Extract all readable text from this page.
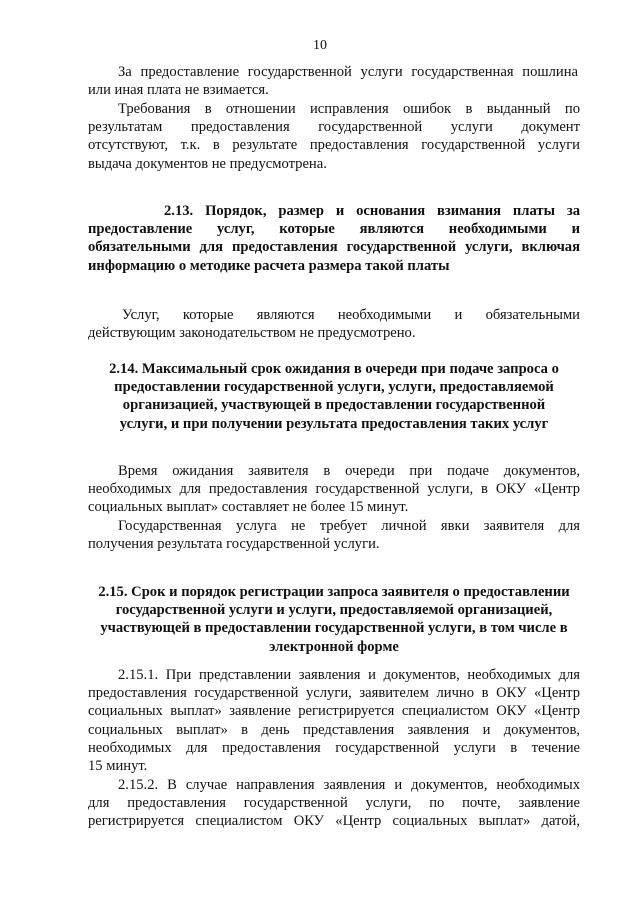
10
За предоставление государственной услуги государственная пошлина
или иная плата не взимается.
Требования в отношении исправления ошибок в выданный по
результатам предоставления государственной услуги документ
отсутствуют, т.к. в результате предоставления государственной услуги
выдача документов не предусмотрена.
2.13. Порядок, размер и основания взимания платы за
предоставление услуг, которые являются необходимыми и
обязательными для предоставления государственной услуги, включая
информацию о методике расчета размера такой платы
Услуг, которые являются необходимыми и обязательными
действующим законодательством не предусмотрено.
2.14. Максимальный срок ожидания в очереди при подаче запроса о
предоставлении государственной услуги, услуги, предоставляемой
организацией, участвующей в предоставлении государственной
услуги, и при получении результата предоставления таких услуг
Время ожидания заявителя в очереди при подаче документов,
необходимых для предоставления государственной услуги, в ОКУ «Центр
социальных выплат» составляет не более 15 минут.
Государственная услуга не требует личной явки заявителя для
получения результата государственной услуги.
2.15. Срок и порядок регистрации запроса заявителя о предоставлении
государственной услуги и услуги, предоставляемой организацией,
участвующей в предоставлении государственной услуги, в том числе в
электронной форме
2.15.1. При представлении заявления и документов, необходимых для
предоставления государственной услуги, заявителем лично в ОКУ «Центр
социальных выплат» заявление регистрируется специалистом ОКУ «Центр
социальных выплат» в день представления заявления и документов,
необходимых для предоставления государственной услуги в течение
15 минут.
2.15.2. В случае направления заявления и документов, необходимых
для предоставления государственной услуги, по почте, заявление
регистрируется специалистом ОКУ «Центр социальных выплат» датой,
